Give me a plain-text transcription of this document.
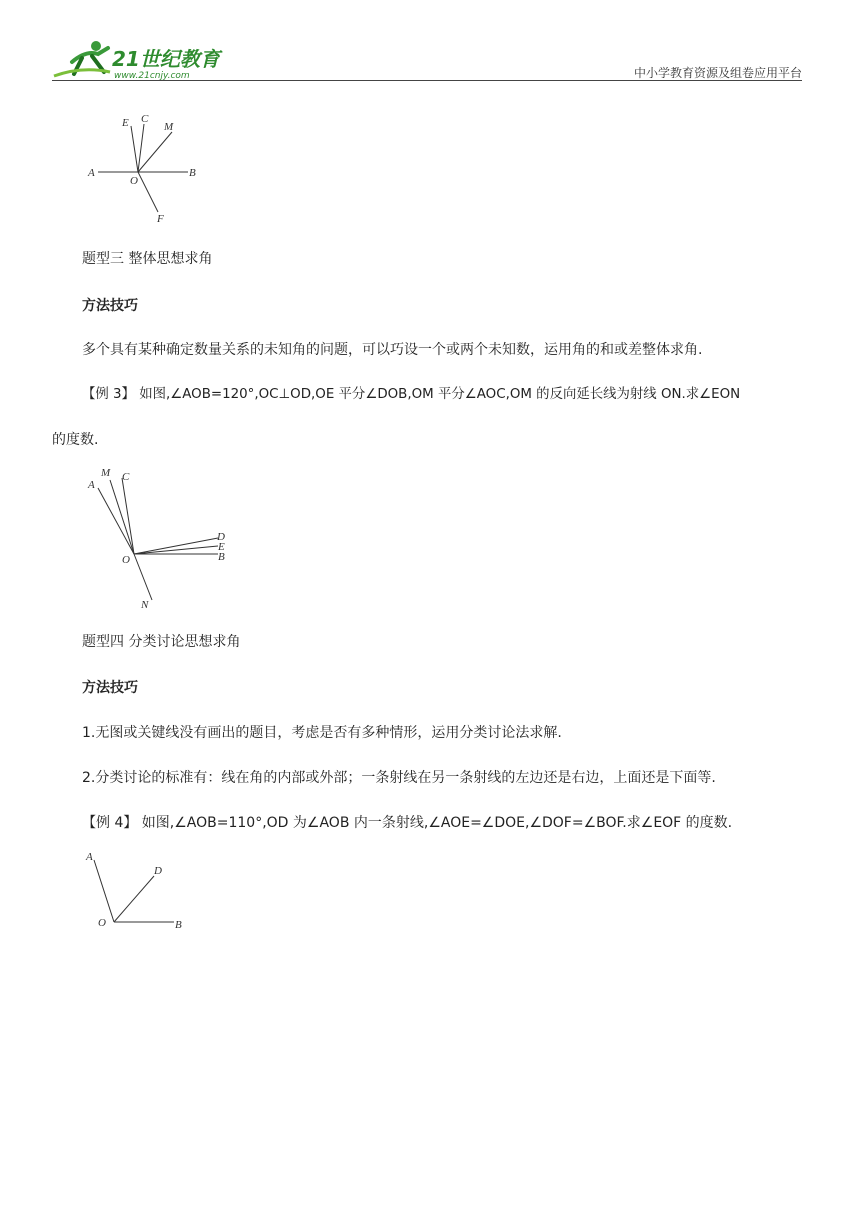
21世纪教育
www.21cnjy.com	中小学教育资源及组卷应用平台
E C
M
A
O
B
F
题型三 整体思想求角
方法技巧
多个具有某种确定数量关系的未知角的问题，可以巧设一个或两个未知数，运用角的和或差整体求角.
【例 3】 如图,∠AOB=120°,OC⊥OD,OE 平分∠DOB,OM 平分∠AOC,OM 的反向延长线为射线 ON.求∠EON
的度数.
A
M C
D
E
B
O
N
题型四 分类讨论思想求角
方法技巧
1.无图或关键线没有画出的题目，考虑是否有多种情形，运用分类讨论法求解.
2.分类讨论的标准有：线在角的内部或外部；一条射线在另一条射线的左边还是右边，上面还是下面等.
【例 4】 如图,∠AOB=110°,OD 为∠AOB 内一条射线,∠AOE=∠DOE,∠DOF=∠BOF.求∠EOF 的度数.
A
D
O	B
